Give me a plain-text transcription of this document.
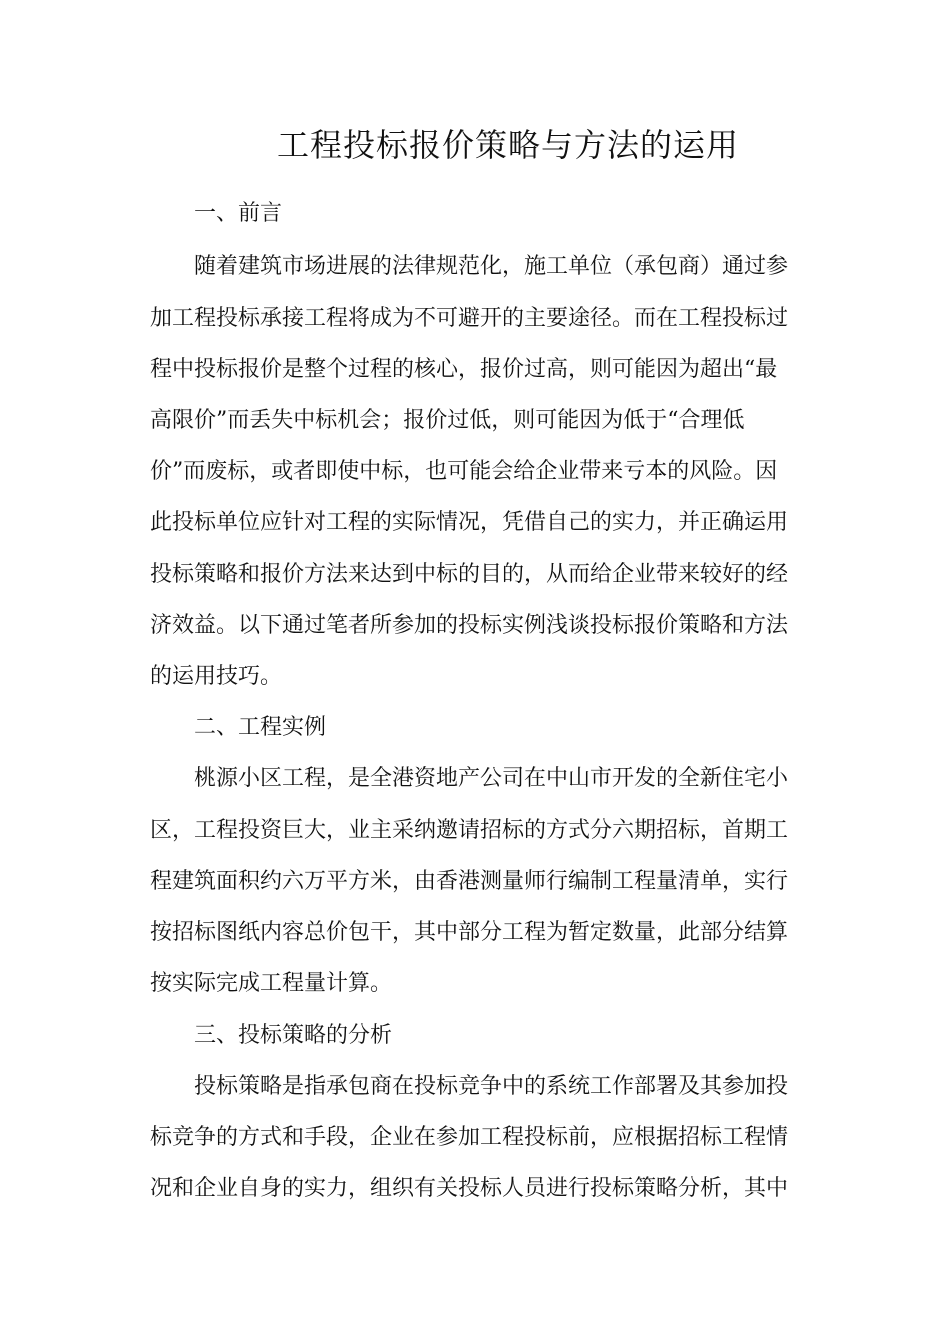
工程投标报价策略与方法的运用
一、前言
随着建筑市场进展的法律规范化，施工单位（承包商）通过参
加工程投标承接工程将成为不可避开的主要途径。而在工程投标过
程中投标报价是整个过程的核心，报价过高，则可能因为超出“最
高限价”而丢失中标机会；报价过低，则可能因为低于“合理低
价”而废标，或者即使中标，也可能会给企业带来亏本的风险。因
此投标单位应针对工程的实际情况，凭借自己的实力，并正确运用
投标策略和报价方法来达到中标的目的，从而给企业带来较好的经
济效益。以下通过笔者所参加的投标实例浅谈投标报价策略和方法
的运用技巧。
二、工程实例
桃源小区工程，是全港资地产公司在中山市开发的全新住宅小
区，工程投资巨大，业主采纳邀请招标的方式分六期招标，首期工
程建筑面积约六万平方米，由香港测量师行编制工程量清单，实行
按招标图纸内容总价包干，其中部分工程为暂定数量，此部分结算
按实际完成工程量计算。
三、投标策略的分析
投标策略是指承包商在投标竞争中的系统工作部署及其参加投
标竞争的方式和手段，企业在参加工程投标前，应根据招标工程情
况和企业自身的实力，组织有关投标人员进行投标策略分析，其中
